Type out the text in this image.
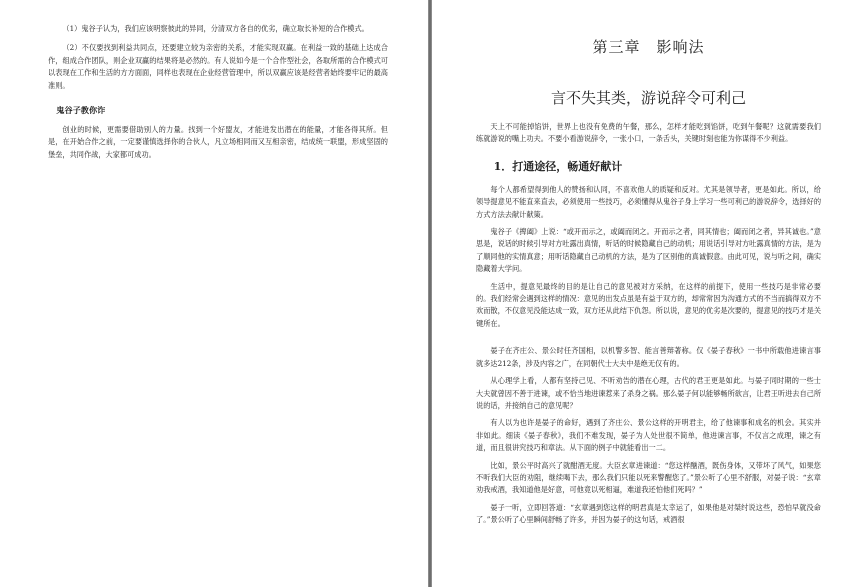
（1）鬼谷子认为，我们应该明察彼此的异同，分清双方各自的优劣，确立取长补短的合作模式。

（2）不仅要找到利益共同点，还要建立较为亲密的关系，才能实现双赢。在利益一致的基础上达成合作，组成合作团队，则企业双赢的结果将是必然的。有人说如今是一个合作型社会，各取所需的合作模式可以表现在工作和生活的方方面面，同样也表现在企业经营管理中，所以双赢应该是经营者始终要牢记的最高准则。

鬼谷子教你诈

创业的时候，更需要借助别人的力量。找到一个好盟友，才能进发出潜在的能量，才能各得其所。但是，在开始合作之前，一定要谨慎选择你的合伙人，凡立场相同而又互相亲密，结成统一联盟，形成坚固的堡垒，共同作战，大家都可成功。

第三章　影响法
言不失其类，游说辞令可利己

天上不可能掉馅饼，世界上也没有免费的午餐，那么，怎样才能吃到馅饼，吃到午餐呢？这就需要我们练就游说的嘴上功夫。不要小看游说辞令，一张小口，一条舌头，关键时刻也能为你谋得不少利益。

1．打通途径，畅通好献计

每个人都希望得到他人的赞扬和认同，不喜欢他人的质疑和反对。尤其是领导者，更是如此。所以，给领导提意见不能直来直去，必须使用一些技巧，必须懂得从鬼谷子身上学习一些可利己的游说辞令，选择好的方式方法去献计献策。

鬼谷子《捭阖》上说：“或开而示之，或阖而闭之。开而示之者，同其情也；阖而闭之者，异其诚也。”意思是，说话的时候引导对方吐露出真情，听话的时候隐藏自己的动机；用说话引导对方吐露真情的方法，是为了顺同他的实情真意；用听话隐藏自己动机的方法，是为了区别他的真诚假意。由此可见，说与听之间，确实隐藏着大学问。

生活中，提意见最终的目的是让自己的意见被对方采纳，在这样的前提下，使用一些技巧是非常必要的。我们经常会遇到这样的情况：意见的出发点虽是有益于双方的，却常常因为沟通方式的不当而搞得双方不欢而散，不仅意见没能达成一致，双方还从此结下仇怨。所以说，意见的优劣是次要的，提意见的技巧才是关键所在。

晏子在齐庄公、景公时任齐国相，以机警多智、能言善辩著称。仅《晏子春秋》一书中所载他进谏言事就多达212条，涉及内容之广，在同朝代士大夫中是绝无仅有的。

从心理学上看，人都有坚持己见、不听劝告的潜在心理，古代的君王更是如此。与晏子同时期的一些士大夫就曾因不善于进谏，或不恰当地进谏惹来了杀身之祸。那么晏子何以能够畅所欲言，让君王听进去自己所说的话，并接纳自己的意见呢？

有人以为也许是晏子的命好，遇到了齐庄公、景公这样的开明君主，给了他谏事和成名的机会。其实并非如此。细读《晏子春秋》，我们不难发现，晏子为人处世很不简单，他进谏言事，不仅言之成理，谏之有道，而且很讲究技巧和章法。从下面的例子中就能看出一二。

比如，景公平时高兴了就酣酒无度。大臣玄章进谏道：“您这样酗酒，既伤身体，又带坏了风气，如果您不听我们大臣的劝阻，继续喝下去，那么我们只能以死来警醒您了。”景公听了心里不舒服，对晏子说：“玄章劝我戒酒，我知道他是好意，可他竟以死相逼，难道我还怕他们死吗？”

晏子一听，立即回答道：“玄章遇到您这样的明君真是太幸运了，如果他是对桀纣说这些，恐怕早就没命了。”景公听了心里瞬间舒畅了许多，并因为晏子的这句话，戒酒很
